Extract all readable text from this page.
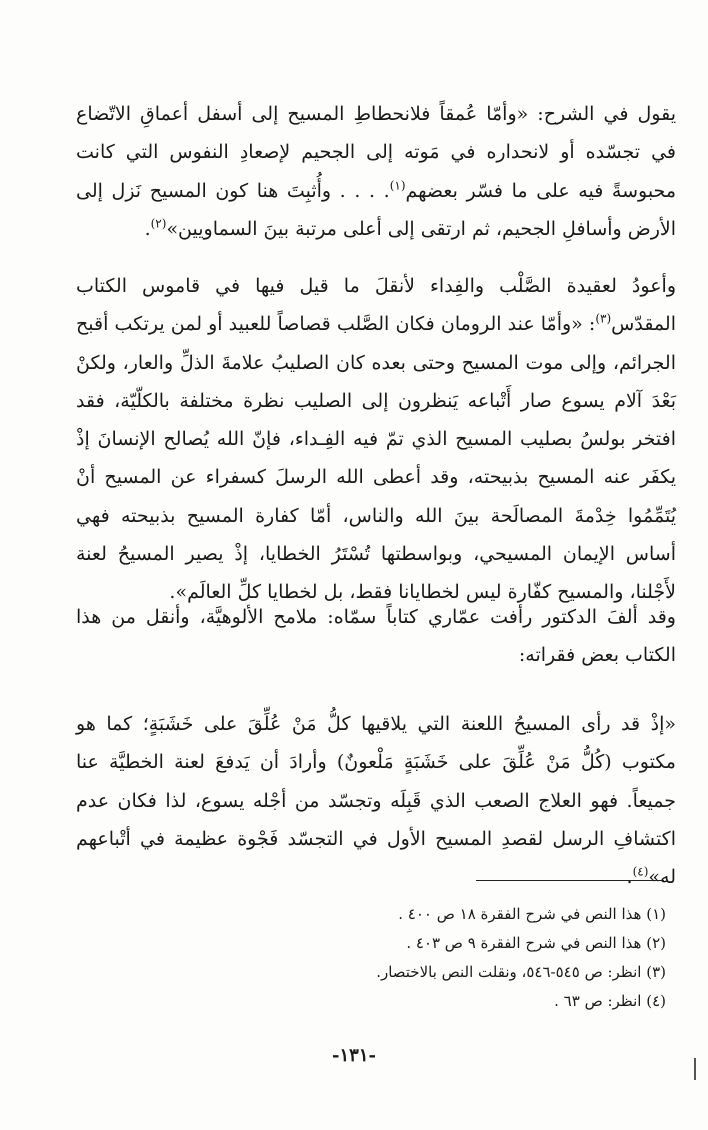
يقول في الشرح: «وأمّا عُمقاً فلانحطاطِ المسيح إلى أسفل أعماقِ الاتّضاع في تجسّده أو لانحداره في مَوته إلى الجحيم لإصعادِ النفوس التي كانت محبوسةً فيه على ما فسّر بعضهم$^{(١)}$. . . . وأُثبِتَ هنا كون المسيح نَزل إلى الأرض وأسافلِ الجحيم، ثم ارتقى إلى أعلى مرتبة بينَ السماويين»$^{(٢)}$.

وأعودُ لعقيدة الصَّلْب والفِداء لأنقلَ ما قيل فيها في قاموس الكتاب المقدّس$^{(٣)}$: «وأمّا عند الرومان فكان الصَّلب قصاصاً للعبيد أو لمن يرتكب أقبح الجرائم، وإلى موت المسيح وحتى بعده كان الصليبُ علامةَ الذلِّ والعار، ولكنْ بَعْدَ آلام يسوع صار أَتْباعه يَنظرون إلى الصليب نظرة مختلفة بالكلّيّة، فقد افتخر بولسُ بصليب المسيح الذي تمّ فيه الفِـداء، فإنّ الله يُصالح الإنسانَ إذْ يكفَر عنه المسيح بذبيحته، وقد أعطى الله الرسلَ كسفراء عن المسيح أنْ يُتَمِّمُوا خِدْمةَ المصالَحة بينَ الله والناس، أمّا كفارة المسيح بذبيحته فهي أساس الإيمان المسيحي، وبواسطتها تُسْتَرُ الخطايا، إذْ يصير المسيحُ لعنة لأَجْلنا، والمسيح كفّارة ليس لخطايانا فقط، بل لخطايا كلِّ العالَم».

وقد ألفَ الدكتور رأفت عمّاري كتاباً سمّاه: ملامح الألوهيَّة، وأنقل من هذا الكتاب بعض فقراته:

«إذْ قد رأى المسيحُ اللعنة التي يلاقيها كلُّ مَنْ عُلِّقَ على خَشَبَةٍ؛ كما هو مكتوب (كُلُّ مَنْ عُلِّقَ على خَشَبَةٍ مَلْعونٌ) وأرادَ أن يَدفعَ لعنة الخطيَّة عنا جميعاً. فهو العلاج الصعب الذي قَبِلَه وتجسّد من أجْله يسوع، لذا فكان عدم اكتشافِ الرسل لقصدِ المسيح الأول في التجسّد فَجْوة عظيمة في أتْباعهم له»$^{(٤)}$.

(١) هذا النص في شرح الفقرة ١٨ ص ٤٠٠ .
(٢) هذا النص في شرح الفقرة ٩ ص ٤٠٣ .
(٣) انظر: ص ٥٤٥-٥٤٦، ونقلت النص بالاختصار.
(٤) انظر: ص ٦٣ .
-١٣١-
